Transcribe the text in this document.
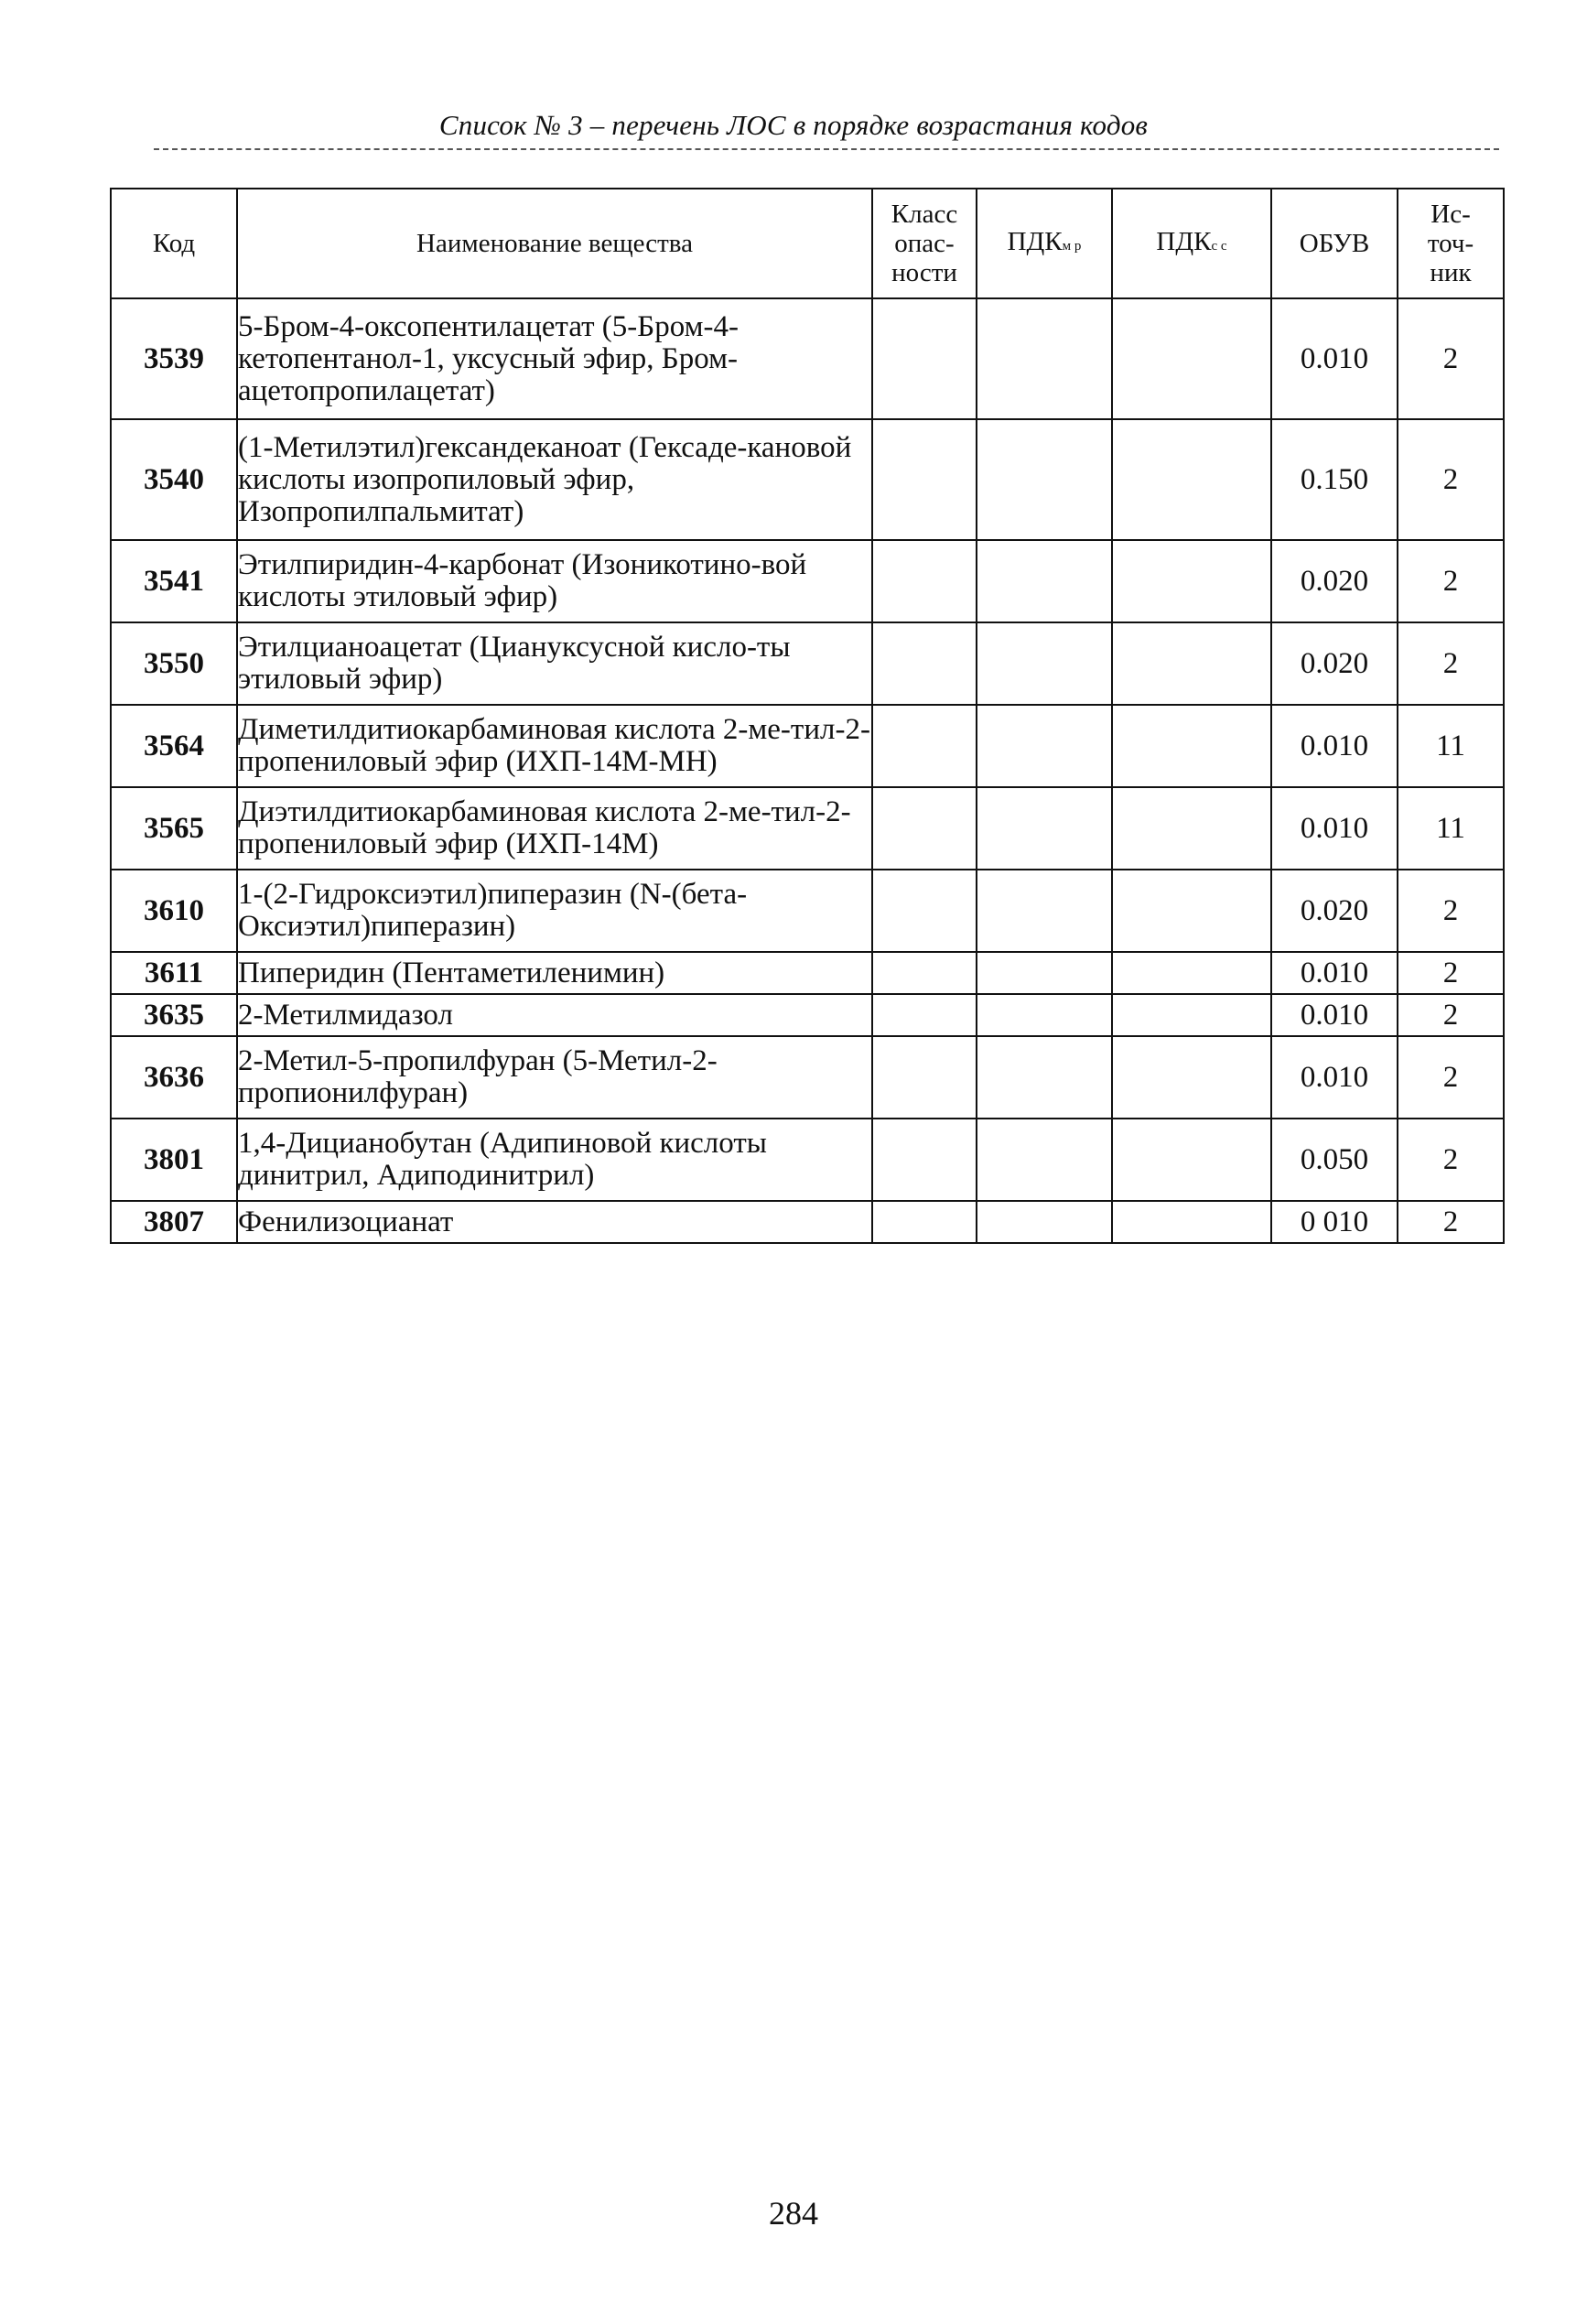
Список № 3 – перечень ЛОС в порядке возрастания кодов
Код	Наименование вещества	Класс опас-ности	ПДКм р	ПДКс с	ОБУВ	Ис-точ-ник
3539	5-Бром-4-оксопентилацетат (5-Бром-4-кетопентанол-1, уксусный эфир, Бром-ацетопропилацетат)				0.010	2
3540	(1-Метилэтил)гександеканоат (Гексаде-кановой кислоты изопропиловый эфир, Изопропилпальмитат)				0.150	2
3541	Этилпиридин-4-карбонат (Изоникотино-вой кислоты этиловый эфир)				0.020	2
3550	Этилцианоацетат (Циануксусной кисло-ты этиловый эфир)				0.020	2
3564	Диметилдитиокарбаминовая кислота 2-ме-тил-2-пропениловый эфир (ИХП-14М-МН)				0.010	11
3565	Диэтилдитиокарбаминовая кислота 2-ме-тил-2-пропениловый эфир (ИХП-14М)				0.010	11
3610	1-(2-Гидроксиэтил)пиперазин (N-(бета-Оксиэтил)пиперазин)				0.020	2
3611	Пиперидин (Пентаметиленимин)				0.010	2
3635	2-Метилмидазол				0.010	2
3636	2-Метил-5-пропилфуран (5-Метил-2-пропионилфуран)				0.010	2
3801	1,4-Дицианобутан (Адипиновой кислоты динитрил, Адиподинитрил)				0.050	2
3807	Фенилизоцианат				0 010	2
284
